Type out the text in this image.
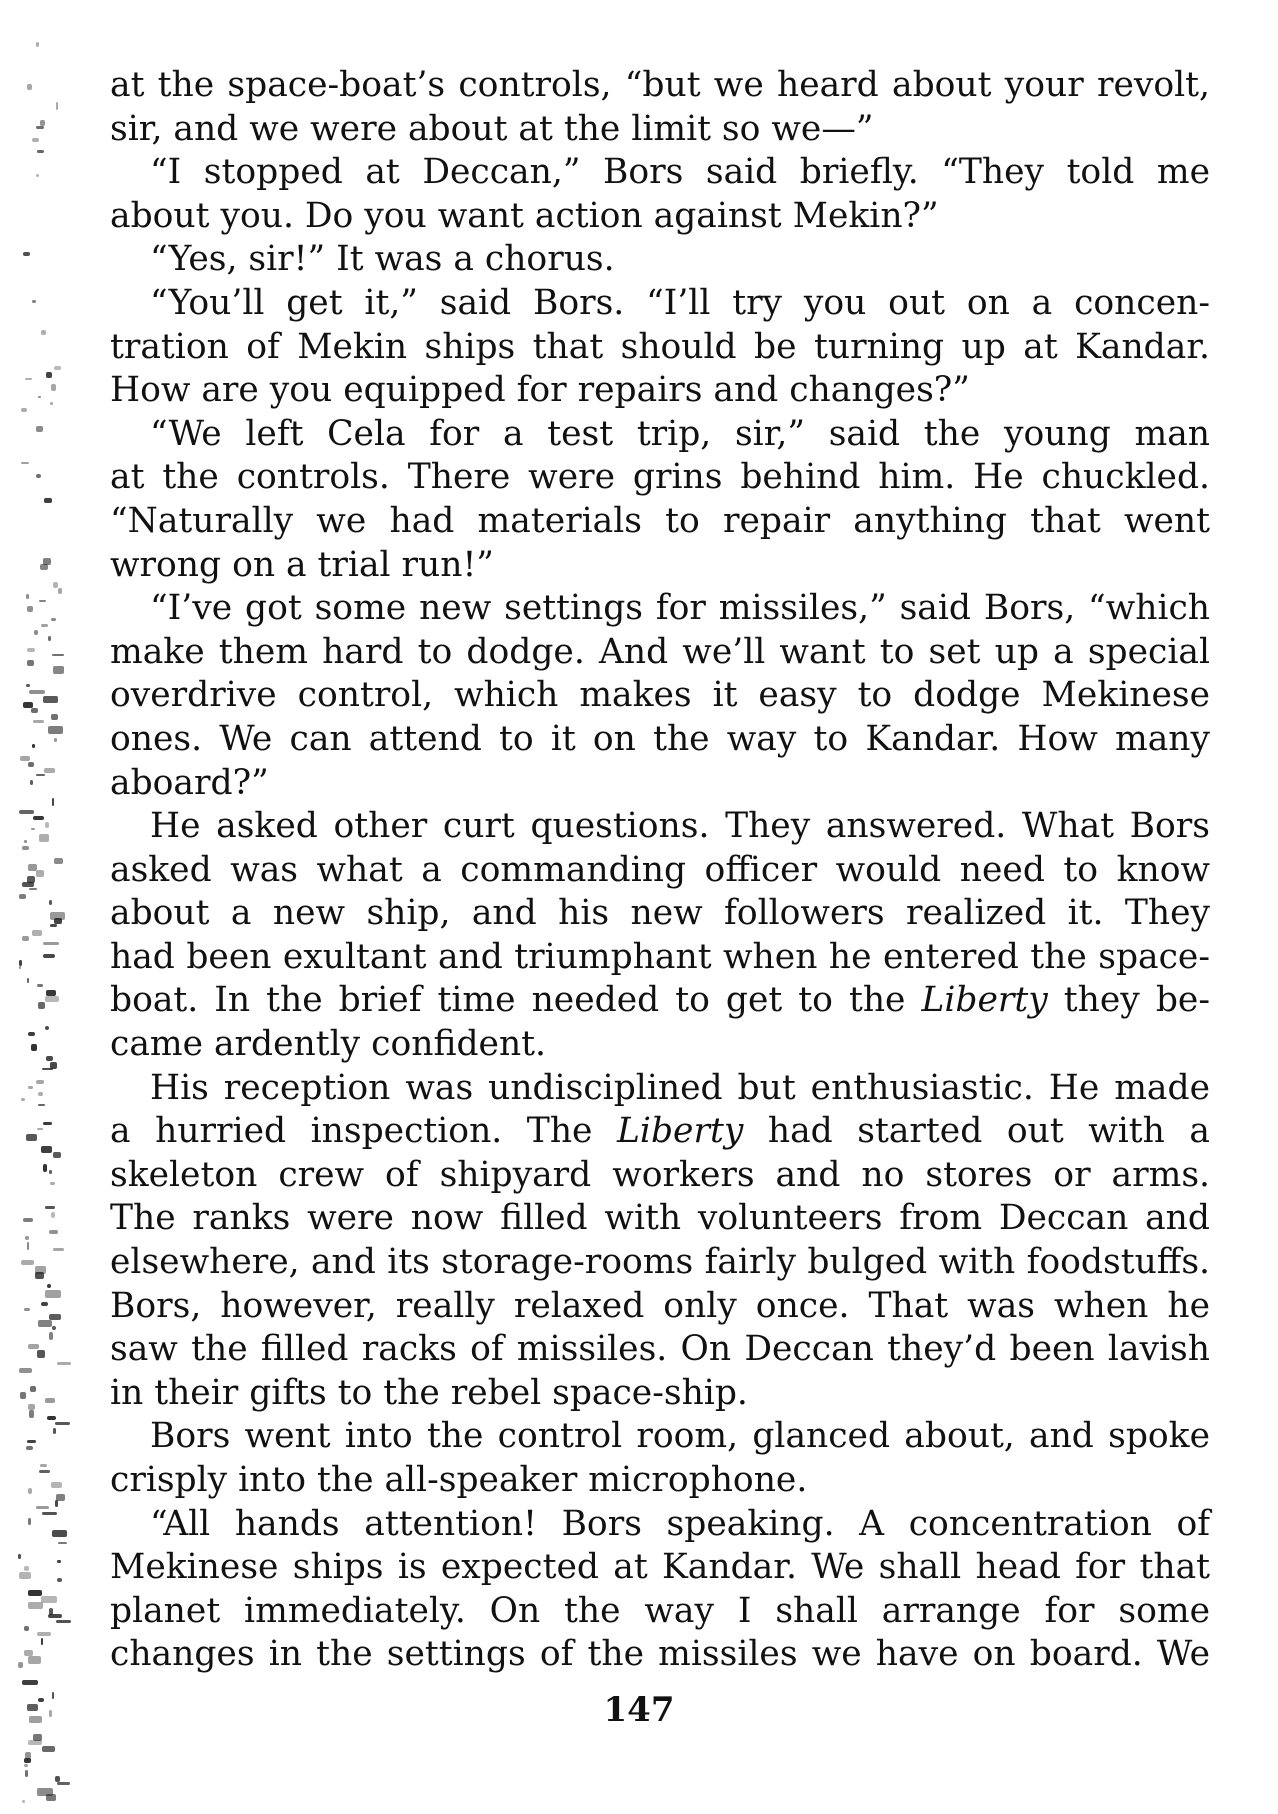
at the space-boat’s controls, “but we heard about your revolt,
sir, and we were about at the limit so we—”
“I stopped at Deccan,” Bors said briefly. “They told me
about you. Do you want action against Mekin?”
“Yes, sir!” It was a chorus.
“You’ll get it,” said Bors. “I’ll try you out on a concen-
tration of Mekin ships that should be turning up at Kandar.
How are you equipped for repairs and changes?”
“We left Cela for a test trip, sir,” said the young man
at the controls. There were grins behind him. He chuckled.
“Naturally we had materials to repair anything that went
wrong on a trial run!”
“I’ve got some new settings for missiles,” said Bors, “which
make them hard to dodge. And we’ll want to set up a special
overdrive control, which makes it easy to dodge Mekinese
ones. We can attend to it on the way to Kandar. How many
aboard?”
He asked other curt questions. They answered. What Bors
asked was what a commanding officer would need to know
about a new ship, and his new followers realized it. They
had been exultant and triumphant when he entered the space-
boat. In the brief time needed to get to the Liberty they be-
came ardently confident.
His reception was undisciplined but enthusiastic. He made
a hurried inspection. The Liberty had started out with a
skeleton crew of shipyard workers and no stores or arms.
The ranks were now filled with volunteers from Deccan and
elsewhere, and its storage-rooms fairly bulged with foodstuffs.
Bors, however, really relaxed only once. That was when he
saw the filled racks of missiles. On Deccan they’d been lavish
in their gifts to the rebel space-ship.
Bors went into the control room, glanced about, and spoke
crisply into the all-speaker microphone.
“All hands attention! Bors speaking. A concentration of
Mekinese ships is expected at Kandar. We shall head for that
planet immediately. On the way I shall arrange for some
changes in the settings of the missiles we have on board. We
147
